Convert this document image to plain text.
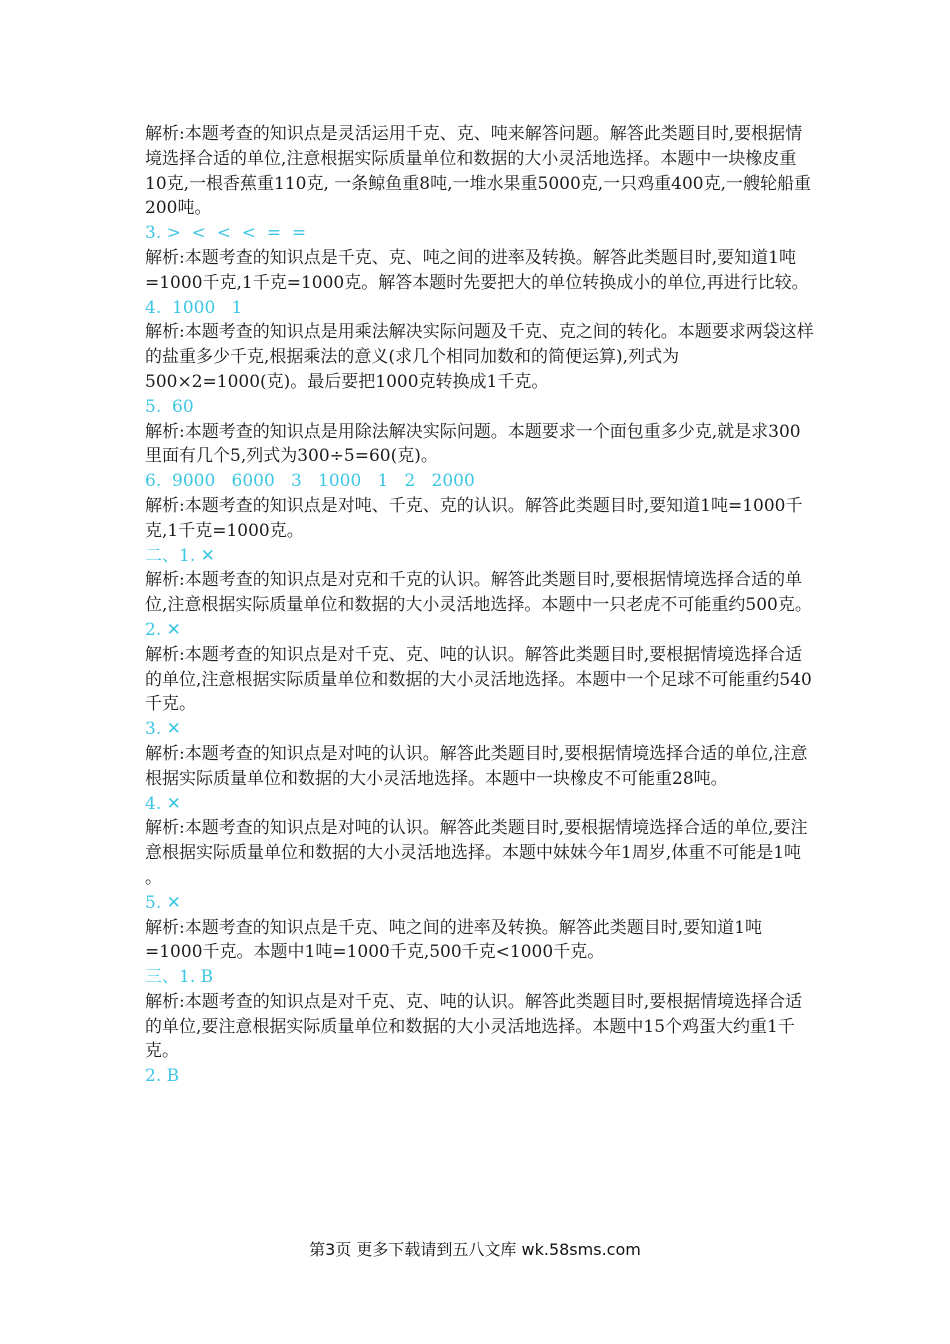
解析:本题考查的知识点是灵活运用千克、克、吨来解答问题。解答此类题目时,要根据情境选择合适的单位,注意根据实际质量单位和数据的大小灵活地选择。本题中一块橡皮重10克,一根香蕉重110克, 一条鲸鱼重8吨,一堆水果重5000克,一只鸡重400克,一艘轮船重200吨。
3. >  <  <  <  =  =
解析:本题考查的知识点是千克、克、吨之间的进率及转换。解答此类题目时,要知道1吨=1000千克,1千克=1000克。解答本题时先要把大的单位转换成小的单位,再进行比较。
4.  1000   1
解析:本题考查的知识点是用乘法解决实际问题及千克、克之间的转化。本题要求两袋这样的盐重多少千克,根据乘法的意义(求几个相同加数和的简便运算),列式为500×2=1000(克)。最后要把1000克转换成1千克。
5.  60
解析:本题考查的知识点是用除法解决实际问题。本题要求一个面包重多少克,就是求300里面有几个5,列式为300÷5=60(克)。
6.  9000   6000   3   1000   1   2   2000
解析:本题考查的知识点是对吨、千克、克的认识。解答此类题目时,要知道1吨=1000千克,1千克=1000克。
二、1. ✕
解析:本题考查的知识点是对克和千克的认识。解答此类题目时,要根据情境选择合适的单位,注意根据实际质量单位和数据的大小灵活地选择。本题中一只老虎不可能重约500克。
2. ✕
解析:本题考查的知识点是对千克、克、吨的认识。解答此类题目时,要根据情境选择合适的单位,注意根据实际质量单位和数据的大小灵活地选择。本题中一个足球不可能重约540千克。
3. ✕
解析:本题考查的知识点是对吨的认识。解答此类题目时,要根据情境选择合适的单位,注意根据实际质量单位和数据的大小灵活地选择。本题中一块橡皮不可能重28吨。
4. ✕
解析:本题考查的知识点是对吨的认识。解答此类题目时,要根据情境选择合适的单位,要注意根据实际质量单位和数据的大小灵活地选择。本题中妹妹今年1周岁,体重不可能是1吨 。
5. ✕
解析:本题考查的知识点是千克、吨之间的进率及转换。解答此类题目时,要知道1吨=1000千克。本题中1吨=1000千克,500千克<1000千克。
三、1. B
解析:本题考查的知识点是对千克、克、吨的认识。解答此类题目时,要根据情境选择合适的单位,要注意根据实际质量单位和数据的大小灵活地选择。本题中15个鸡蛋大约重1千克。
2. B
第3页 更多下载请到五八文库 wk.58sms.com
